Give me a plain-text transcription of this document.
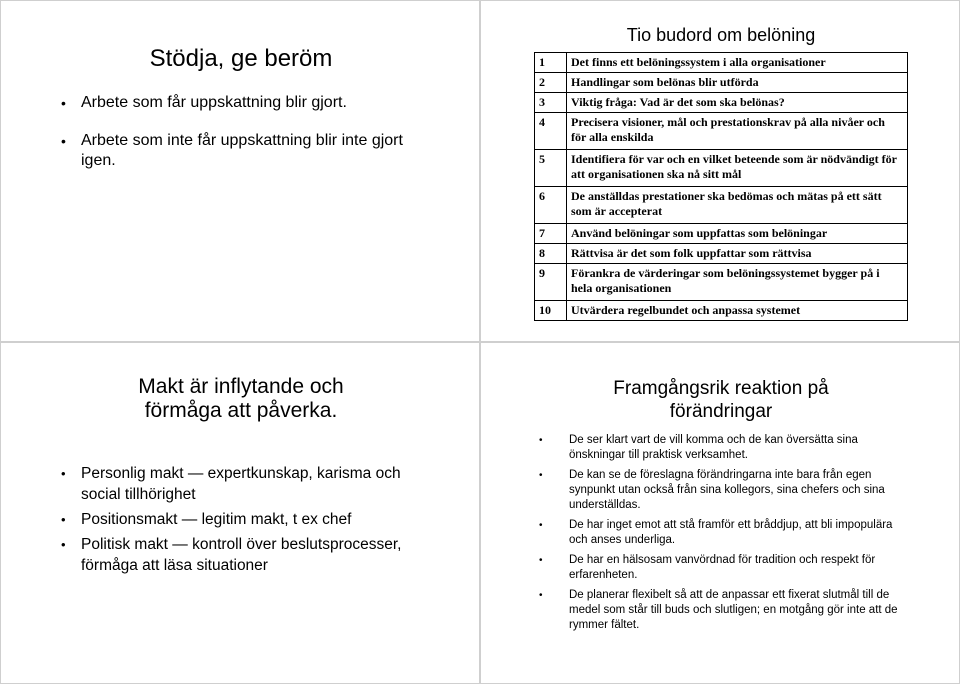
Stödja, ge beröm
• Arbete som får uppskattning blir gjort.
• Arbete som inte får uppskattning blir inte gjort igen.
Tio budord om belöning
1	Det finns ett belöningssystem i alla organisationer
2	Handlingar som belönas blir utförda
3	Viktig fråga: Vad är det som ska belönas?
4	Precisera visioner, mål och prestationskrav på alla nivåer och för alla enskilda
5	Identifiera för var och en vilket beteende som är nödvändigt för att organisationen ska nå sitt mål
6	De anställdas prestationer ska bedömas och mätas på ett sätt som är accepterat
7	Använd belöningar som uppfattas som belöningar
8	Rättvisa är det som folk uppfattar som rättvisa
9	Förankra de värderingar som belöningssystemet bygger på i hela organisationen
10	Utvärdera regelbundet och anpassa systemet
Makt är inflytande och
förmåga att påverka.
• Personlig makt — expertkunskap, karisma och social tillhörighet
• Positionsmakt — legitim makt, t ex chef
• Politisk makt — kontroll över beslutsprocesser, förmåga att läsa situationer
Framgångsrik reaktion på
förändringar
• De ser klart vart de vill komma och de kan översätta sina önskningar till praktisk verksamhet.
• De kan se de föreslagna förändringarna inte bara från egen synpunkt utan också från sina kollegors, sina chefers och sina underställdas.
• De har inget emot att stå framför ett bråddjup, att bli impopulära och anses underliga.
• De har en hälsosam vanvördnad för tradition och respekt för erfarenheten.
• De planerar flexibelt så att de anpassar ett fixerat slutmål till de medel som står till buds och slutligen; en motgång gör inte att de rymmer fältet.
